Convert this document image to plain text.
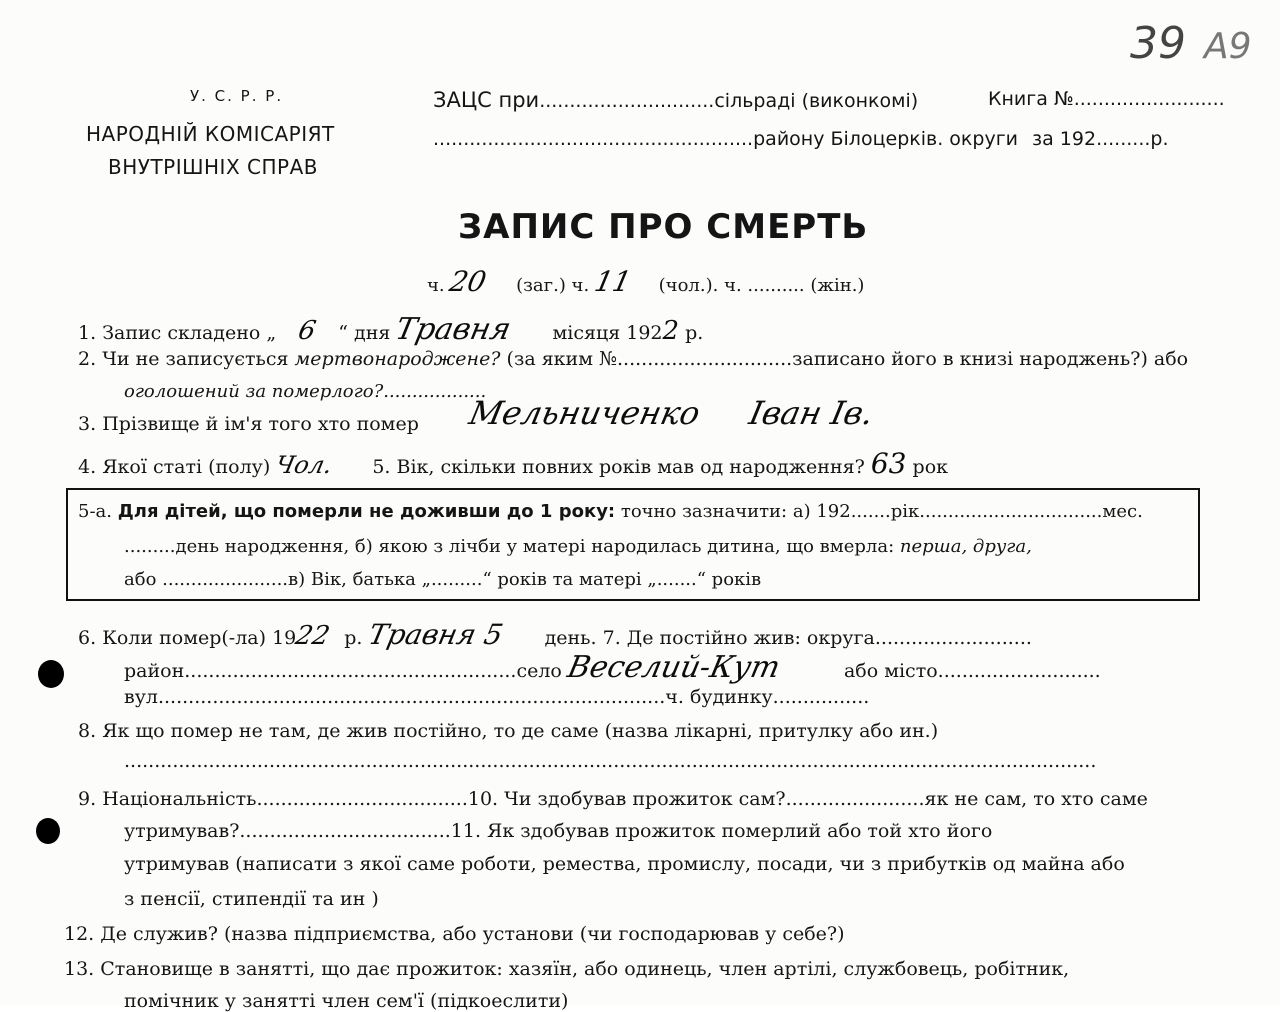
39 А9
У. С. Р. Р.
НАРОДНІЙ КОМІСАРІЯТ
ВНУТРІШНІХ СПРАВ
ЗАЦС при.............................сільраді (виконкомі)
.....................................................районy Білоцерків. округи
Книга №.........................
за 192.........р.
ЗАПИС ПРО СМЕРТЬ
ч. 20 (заг.) ч. 11 (чол.). ч. .......... (жін.)
1. Запис складено „ 6 “ дня Травня місяця 1922 р.
2. Чи не записується мертвонароджене? (за яким №.............................записано його в книзі народжень?) або
оголошений за померлого?..................
3. Прізвище й ім'я того хто помер Мельниченко Іван Ів.
4. Якої статі (полу) Чол. 5. Вік, скільки повних років мав од народження? 63 рок
5-а. Для дітей, що померли не доживши до 1 року: точно зазначити: а) 192.......рік................................мес.
.........день народження, б) якою з лічби у матері народилась дитина, що вмерла: перша, друга,
або ......................в) Вік, батька „.........“ років та матері „.......“ років
6. Коли помер(-ла) 1922 р. Травня 5 день. 7. Де постійно жив: округа..........................
район.......................................................село Веселий-Кут	або місто...........................
вул....................................................................................ч. будинку................
8. Як що помер не там, де жив постійно, то де саме (назва лікарні, притулку або ин.)
.................................................................................................................................................................
9. Національність...................................10. Чи здобував прожиток сам?.......................як не сам, то хто саме
утримував?...................................11. Як здобував прожиток померлий або той хто його
утримував (написати з якої саме роботи, ремества, промислу, посади, чи з прибутків од майна або
з пенсії, стипендії та ин )
12. Де служив? (назва підприємства, або установи (чи господарював у себе?)
13. Становище в занятті, що дає прожиток: хазяїн, або одинець, член артілі, службовець, робітник,
помічник у занятті член сем'ї (підкоеслити)
